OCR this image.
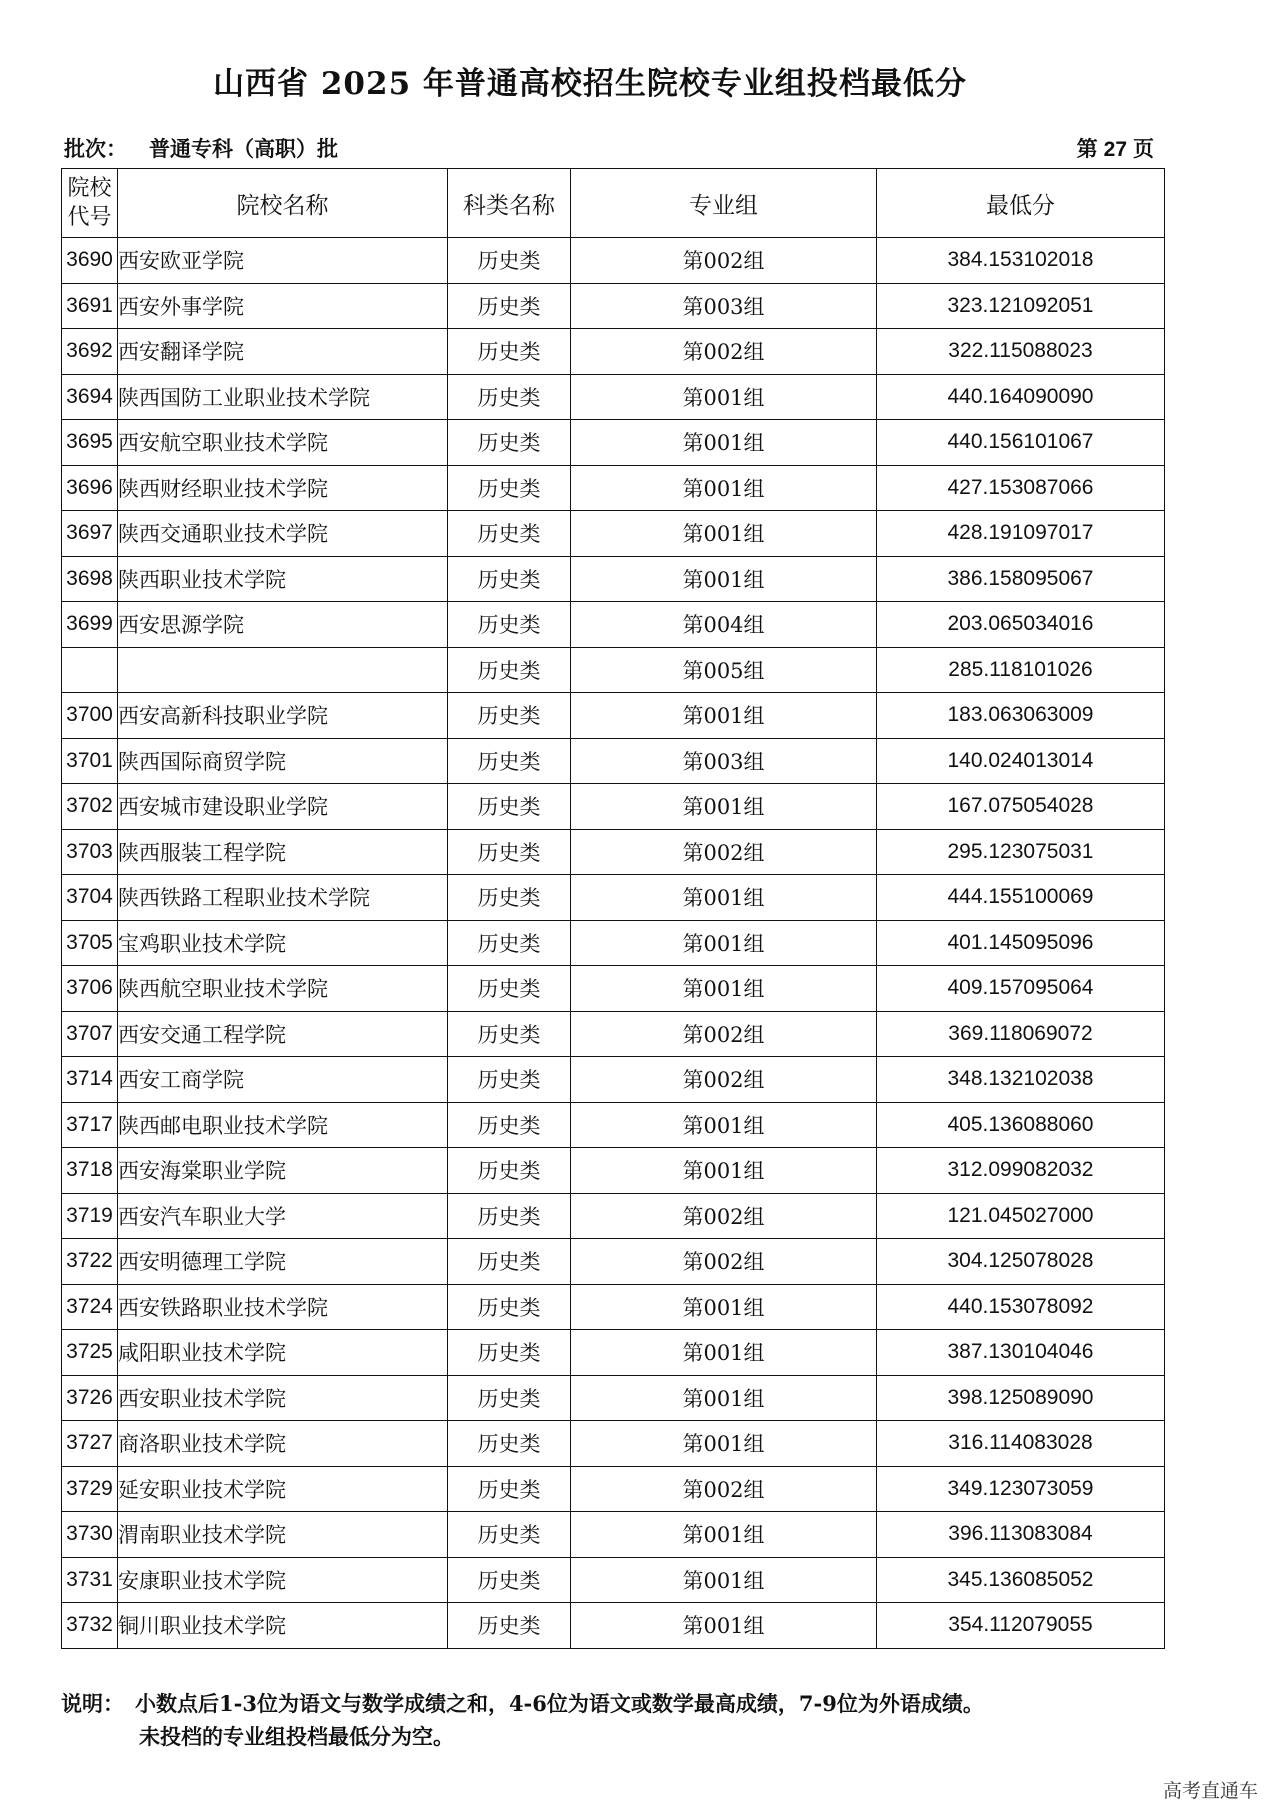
山西省 2025 年普通高校招生院校专业组投档最低分
批次： 普通专科（高职）批	第 27 页
院校
代号	院校名称	科类名称	专业组	最低分
3690	西安欧亚学院	历史类	第002组	384.153102018
3691	西安外事学院	历史类	第003组	323.121092051
3692	西安翻译学院	历史类	第002组	322.115088023
3694	陕西国防工业职业技术学院	历史类	第001组	440.164090090
3695	西安航空职业技术学院	历史类	第001组	440.156101067
3696	陕西财经职业技术学院	历史类	第001组	427.153087066
3697	陕西交通职业技术学院	历史类	第001组	428.191097017
3698	陕西职业技术学院	历史类	第001组	386.158095067
3699	西安思源学院	历史类	第004组	203.065034016
		历史类	第005组	285.118101026
3700	西安高新科技职业学院	历史类	第001组	183.063063009
3701	陕西国际商贸学院	历史类	第003组	140.024013014
3702	西安城市建设职业学院	历史类	第001组	167.075054028
3703	陕西服装工程学院	历史类	第002组	295.123075031
3704	陕西铁路工程职业技术学院	历史类	第001组	444.155100069
3705	宝鸡职业技术学院	历史类	第001组	401.145095096
3706	陕西航空职业技术学院	历史类	第001组	409.157095064
3707	西安交通工程学院	历史类	第002组	369.118069072
3714	西安工商学院	历史类	第002组	348.132102038
3717	陕西邮电职业技术学院	历史类	第001组	405.136088060
3718	西安海棠职业学院	历史类	第001组	312.099082032
3719	西安汽车职业大学	历史类	第002组	121.045027000
3722	西安明德理工学院	历史类	第002组	304.125078028
3724	西安铁路职业技术学院	历史类	第001组	440.153078092
3725	咸阳职业技术学院	历史类	第001组	387.130104046
3726	西安职业技术学院	历史类	第001组	398.125089090
3727	商洛职业技术学院	历史类	第001组	316.114083028
3729	延安职业技术学院	历史类	第002组	349.123073059
3730	渭南职业技术学院	历史类	第001组	396.113083084
3731	安康职业技术学院	历史类	第001组	345.136085052
3732	铜川职业技术学院	历史类	第001组	354.112079055
说明： 小数点后1-3位为语文与数学成绩之和，4-6位为语文或数学最高成绩，7-9位为外语成绩。
未投档的专业组投档最低分为空。
高考直通车
